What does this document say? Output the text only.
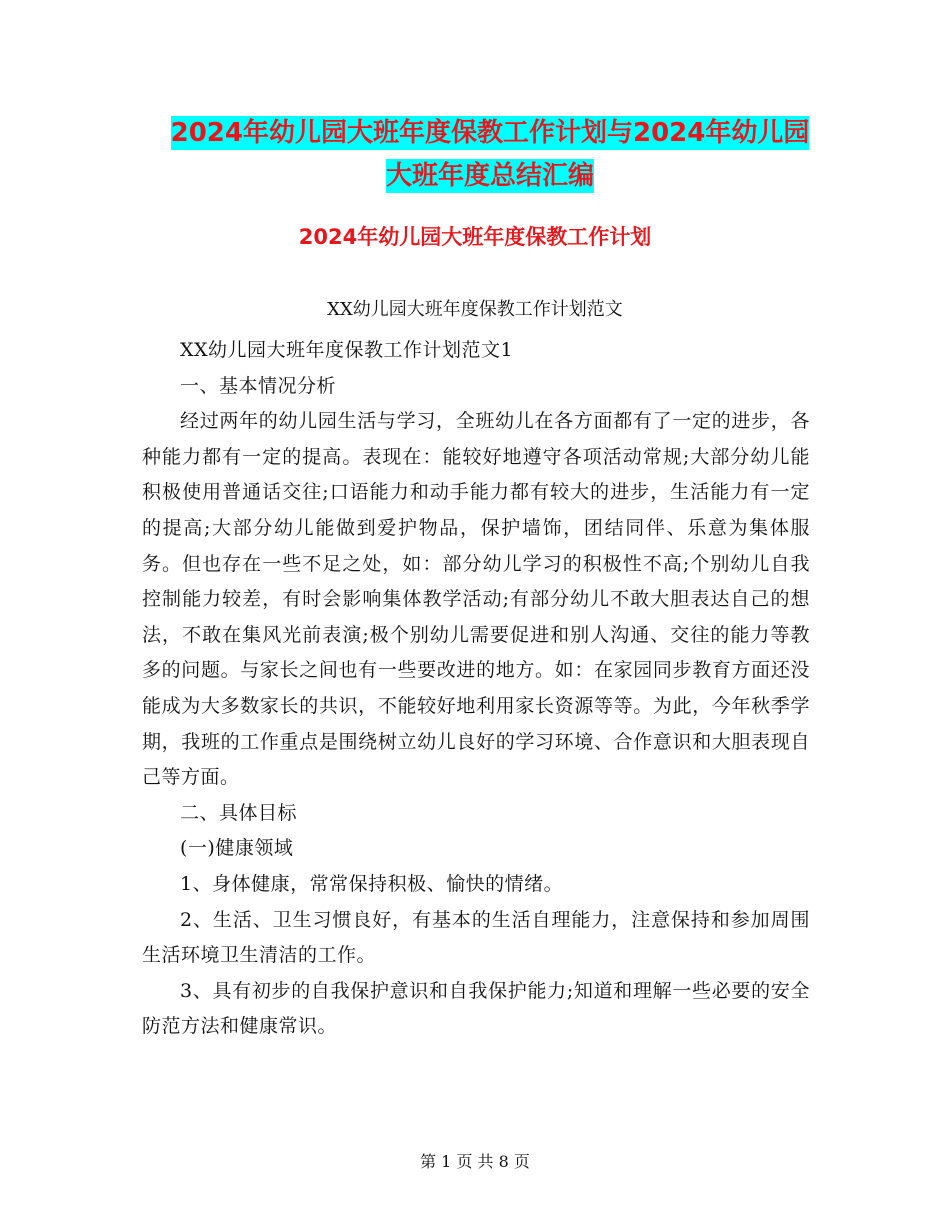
2024年幼儿园大班年度保教工作计划与2024年幼儿园
大班年度总结汇编
2024年幼儿园大班年度保教工作计划
XX幼儿园大班年度保教工作计划范文

XX幼儿园大班年度保教工作计划范文1

一、基本情况分析

经过两年的幼儿园生活与学习，全班幼儿在各方面都有了一定的进步，各种能力都有一定的提高。表现在：能较好地遵守各项活动常规;大部分幼儿能积极使用普通话交往;口语能力和动手能力都有较大的进步，生活能力有一定的提高;大部分幼儿能做到爱护物品，保护墙饰，团结同伴、乐意为集体服务。但也存在一些不足之处，如：部分幼儿学习的积极性不高;个别幼儿自我控制能力较差，有时会影响集体教学活动;有部分幼儿不敢大胆表达自己的想法，不敢在集风光前表演;极个别幼儿需要促进和别人沟通、交往的能力等教多的问题。与家长之间也有一些要改进的地方。如：在家园同步教育方面还没能成为大多数家长的共识，不能较好地利用家长资源等等。为此，今年秋季学期，我班的工作重点是围绕树立幼儿良好的学习环境、合作意识和大胆表现自己等方面。

二、具体目标

(一)健康领域

1、身体健康，常常保持积极、愉快的情绪。

2、生活、卫生习惯良好，有基本的生活自理能力，注意保持和参加周围生活环境卫生清洁的工作。

3、具有初步的自我保护意识和自我保护能力;知道和理解一些必要的安全防范方法和健康常识。

第 1 页 共 8 页
